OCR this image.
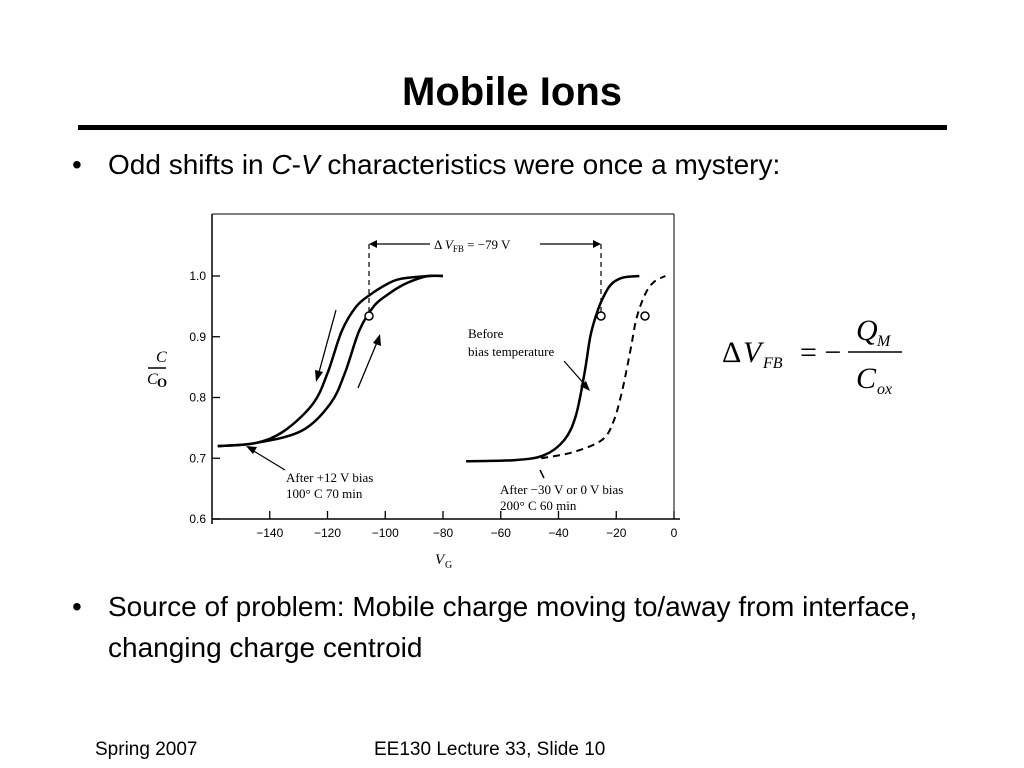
Mobile Ions
• Odd shifts in C-V characteristics were once a mystery:
1.0
0.9
0.8
0.7
0.6
−140	−120	−100	−80	−60	−40	−20	0
C
C O
V G
Δ $V_{FB} = -79$ V
Before
bias temperature
After +12 V bias
100° C 70 min	After −30 V or 0 V bias
200° C 60 min
Δ V FB = −
Q M
C ox
• Source of problem: Mobile charge moving to/away from interface, changing charge centroid
Spring 2007	EE130 Lecture 33, Slide 10
